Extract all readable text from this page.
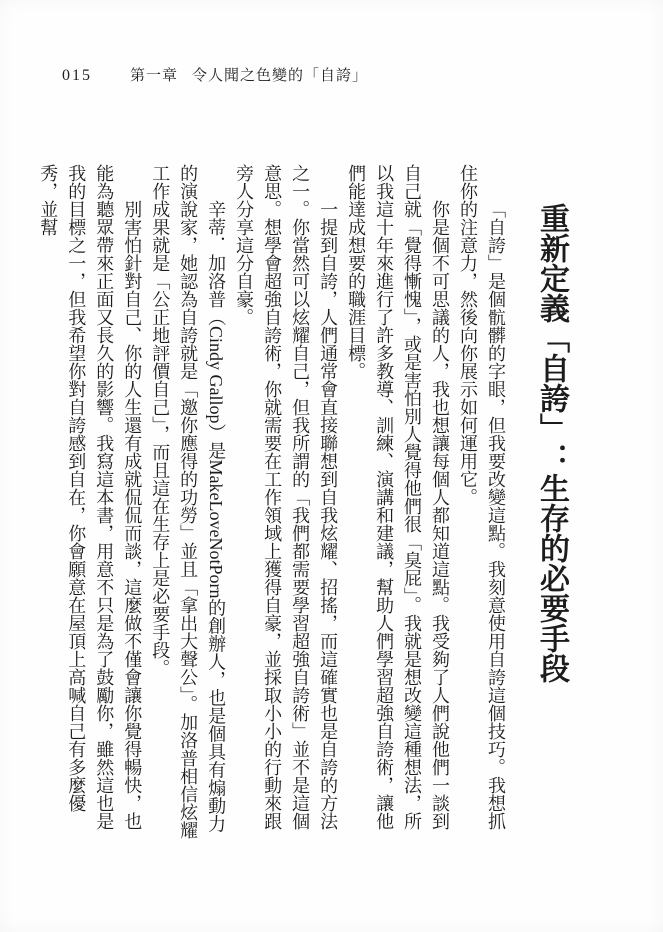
015	第一章 令人聞之色變的「自誇」
重新定義「自誇」：生存的必要手段

「自誇」是個骯髒的字眼，但我要改變這點。我刻意使用自誇這個技巧。我想抓住你的注意力，然後向你展示如何運用它。

你是個不可思議的人，我也想讓每個人都知道這點。我受夠了人們說他們一談到自己就「覺得慚愧」，或是害怕別人覺得他們很「臭屁」。我就是想改變這種想法，所以我這十年來進行了許多教導、訓練、演講和建議，幫助人們學習超強自誇術，讓他們能達成想要的職涯目標。

一提到自誇，人們通常會直接聯想到自我炫耀、招搖，而這確實也是自誇的方法之一。你當然可以炫耀自己，但我所謂的「我們都需要學習超強自誇術」並不是這個意思。想學會超強自誇術，你就需要在工作領域上獲得自豪，並採取小小的行動來跟旁人分享這分自豪。

辛蒂．加洛普（Cindy Gallop）是MakeLoveNotPorn的創辦人，也是個具有煽動力的演說家，她認為自誇就是「邀你應得的功勞」並且「拿出大聲公」。加洛普相信炫耀工作成果就是「公正地評價自己」，而且這在生存上是必要手段。

別害怕針對自己、你的人生還有成就侃侃而談，這麼做不僅會讓你覺得暢快，也能為聽眾帶來正面又長久的影響。我寫這本書，用意不只是為了鼓勵你，雖然這也是我的目標之一，但我希望你對自誇感到自在，你會願意在屋頂上高喊自己有多麼優秀，並幫
